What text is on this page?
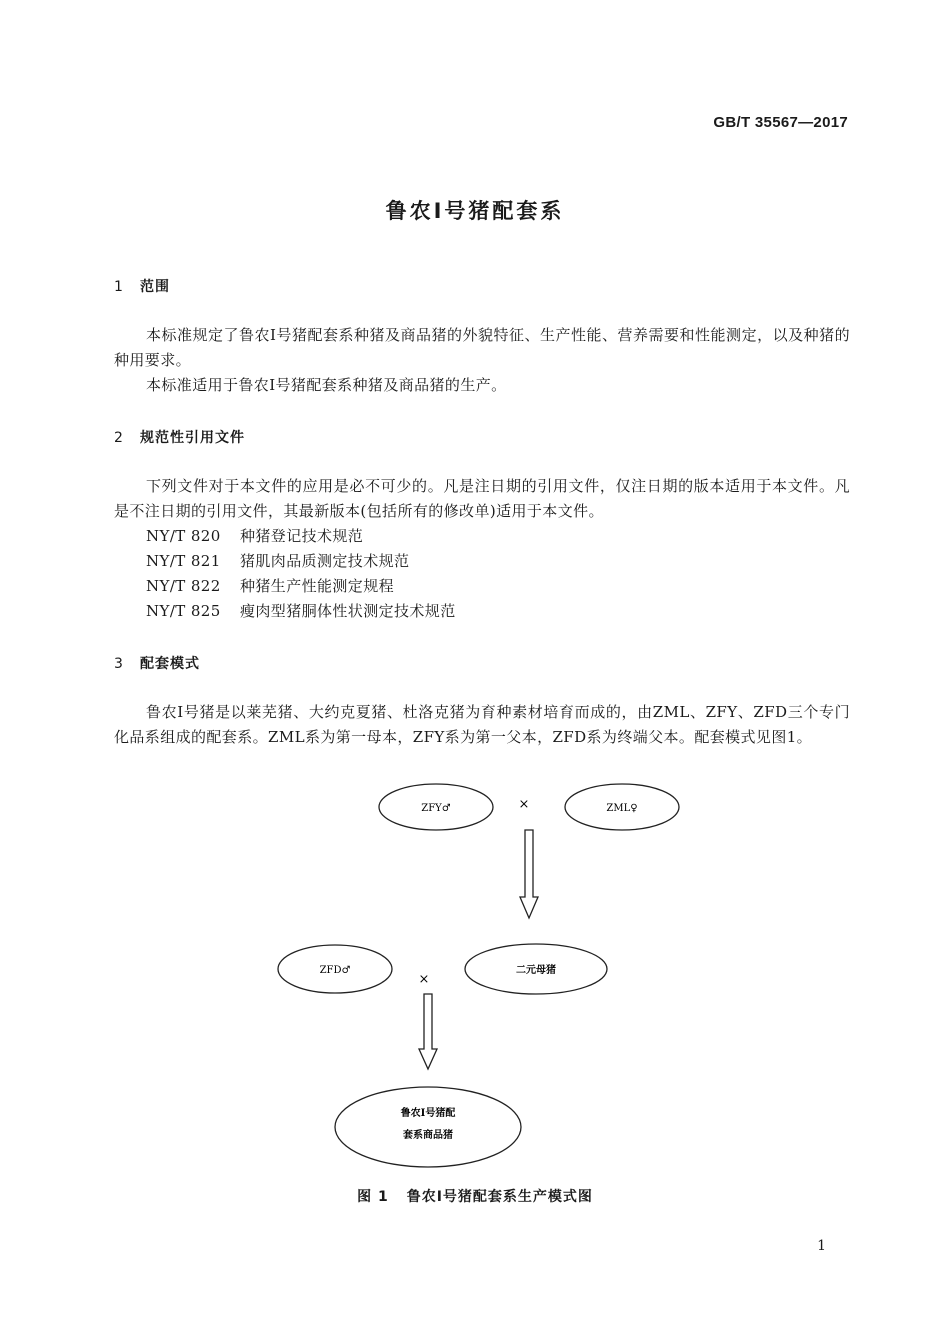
GB/T 35567—2017
鲁农Ⅰ号猪配套系
1 范围

本标准规定了鲁农Ⅰ号猪配套系种猪及商品猪的外貌特征、生产性能、营养需要和性能测定，以及种猪的种用要求。

本标准适用于鲁农Ⅰ号猪配套系种猪及商品猪的生产。

2 规范性引用文件

下列文件对于本文件的应用是必不可少的。凡是注日期的引用文件，仅注日期的版本适用于本文件。凡是不注日期的引用文件，其最新版本(包括所有的修改单)适用于本文件。

NY/T 820 种猪登记技术规范
NY/T 821 猪肌肉品质测定技术规范
NY/T 822 种猪生产性能测定规程
NY/T 825 瘦肉型猪胴体性状测定技术规范
3 配套模式

鲁农Ⅰ号猪是以莱芜猪、大约克夏猪、杜洛克猪为育种素材培育而成的，由ZML、ZFY、ZFD三个专门化品系组成的配套系。ZML系为第一母本，ZFY系为第一父本，ZFD系为终端父本。配套模式见图1。

ZFY♂	ZML♀
ZFD♂	二元母猪
鲁农Ⅰ号猪配
套系商品猪
×
×
图 1 鲁农Ⅰ号猪配套系生产模式图
1
